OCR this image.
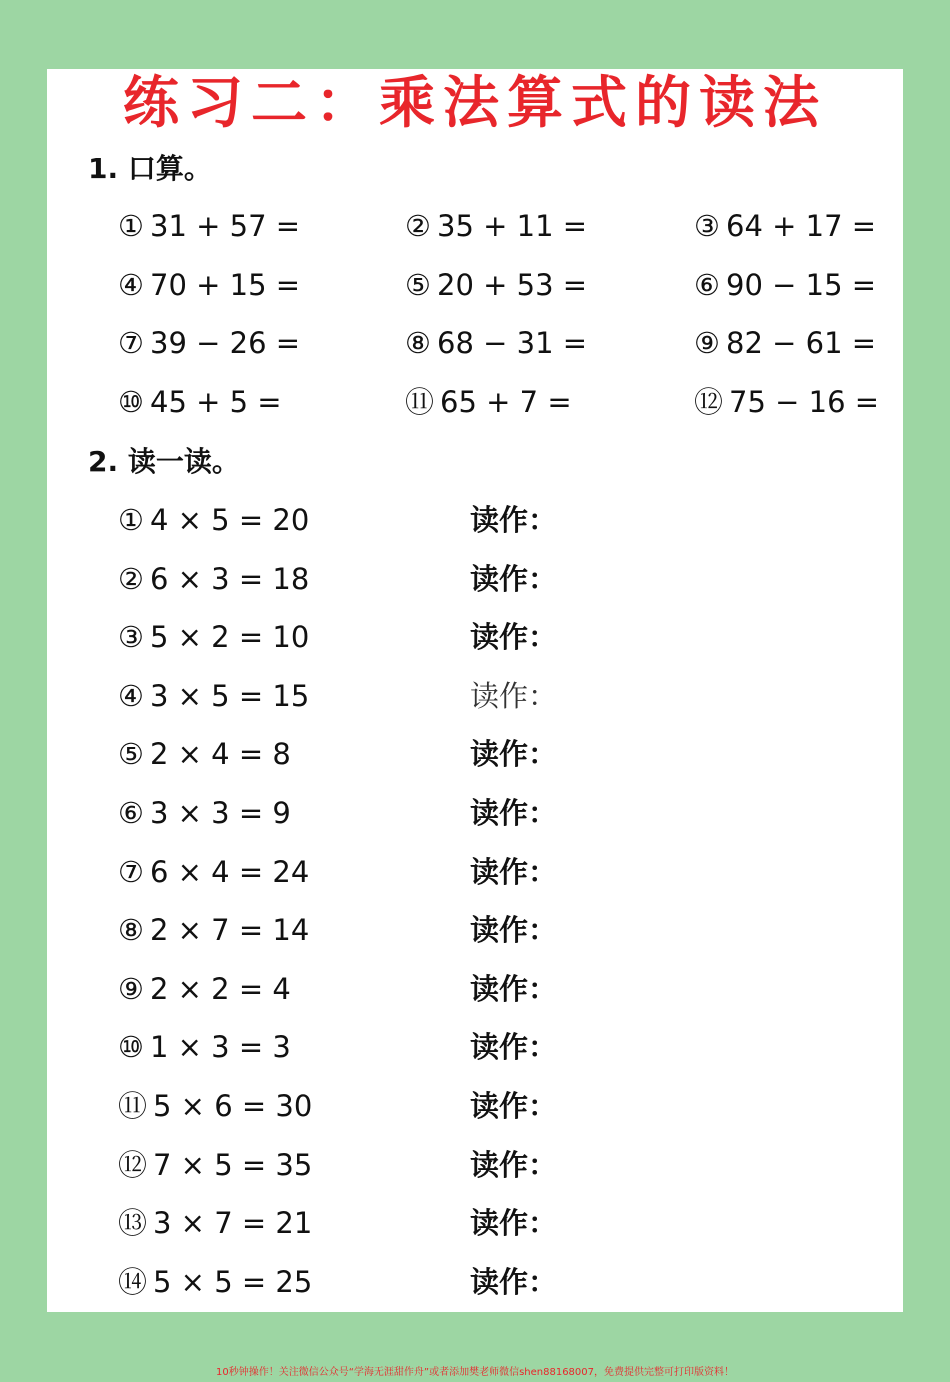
练习二：乘法算式的读法
1. 口算。
① 31 + 57 =	② 35 + 11 =	③ 64 + 17 =
④ 70 + 15 =	⑤ 20 + 53 =	⑥ 90 − 15 =
⑦ 39 − 26 =	⑧ 68 − 31 =	⑨ 82 − 61 =
⑩ 45 + 5 =	⑪ 65 + 7 =	⑫ 75 − 16 =
2. 读一读。
① 4 × 5 = 20	读作：
② 6 × 3 = 18	读作：
③ 5 × 2 = 10	读作：
④ 3 × 5 = 15	读作：
⑤ 2 × 4 = 8	读作：
⑥ 3 × 3 = 9	读作：
⑦ 6 × 4 = 24	读作：
⑧ 2 × 7 = 14	读作：
⑨ 2 × 2 = 4	读作：
⑩ 1 × 3 = 3	读作：
⑪ 5 × 6 = 30	读作：
⑫ 7 × 5 = 35	读作：
⑬ 3 × 7 = 21	读作：
⑭ 5 × 5 = 25	读作：
10秒钟操作！关注微信公众号“学海无涯甜作舟”或者添加樊老师微信shen88168007，免费提供完整可打印版资料！
